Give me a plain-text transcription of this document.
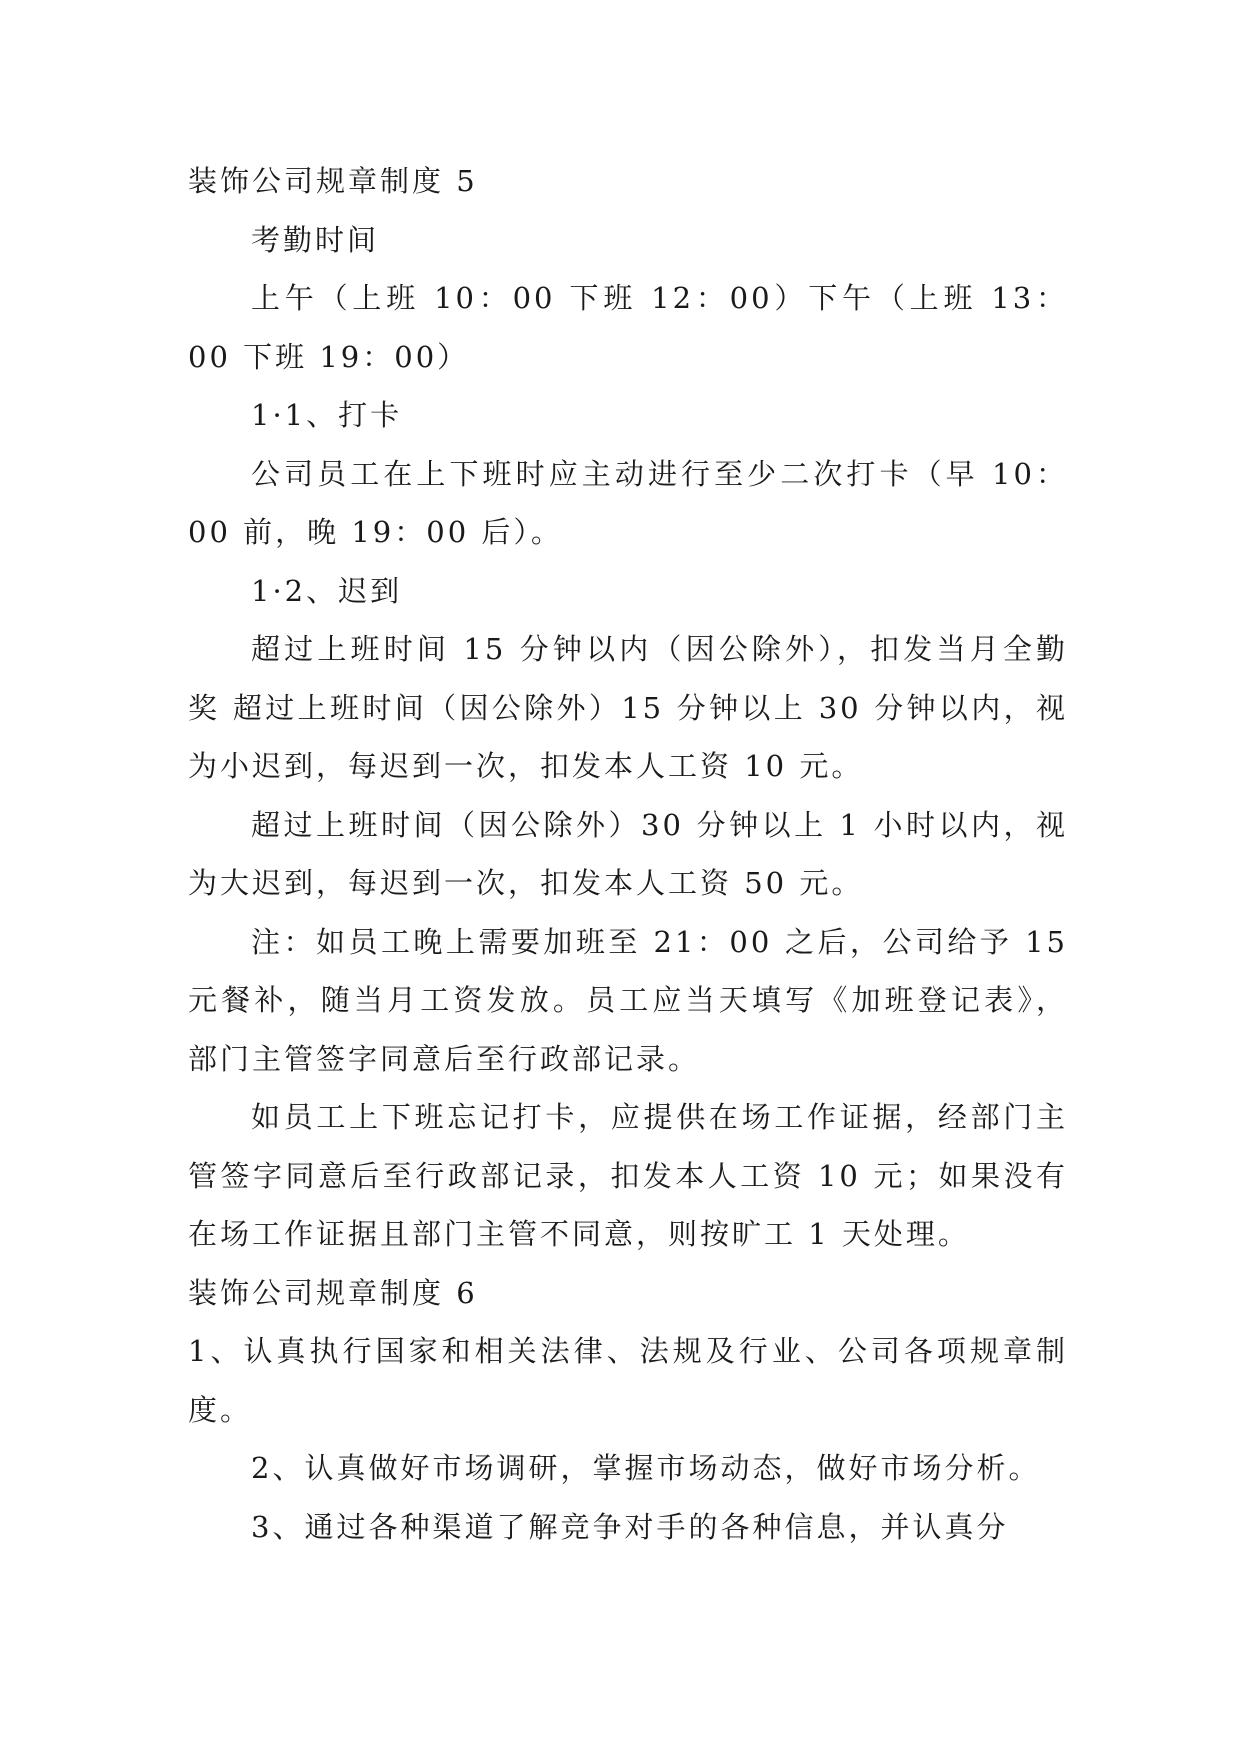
装饰公司规章制度 5

考勤时间

上午（上班 10：00 下班 12：00）下午（上班 13：00 下班 19：00）

1·1、打卡

公司员工在上下班时应主动进行至少二次打卡（早 10：00 前，晚 19：00 后）。

1·2、迟到

超过上班时间 15 分钟以内（因公除外），扣发当月全勤奖 超过上班时间（因公除外）15 分钟以上 30 分钟以内，视为小迟到，每迟到一次，扣发本人工资 10 元。

超过上班时间（因公除外）30 分钟以上 1 小时以内，视为大迟到，每迟到一次，扣发本人工资 50 元。

注：如员工晚上需要加班至 21：00 之后，公司给予 15 元餐补，随当月工资发放。员工应当天填写《加班登记表》，部门主管签字同意后至行政部记录。

如员工上下班忘记打卡，应提供在场工作证据，经部门主管签字同意后至行政部记录，扣发本人工资 10 元；如果没有在场工作证据且部门主管不同意，则按旷工 1 天处理。

装饰公司规章制度 6

1、认真执行国家和相关法律、法规及行业、公司各项规章制度。

2、认真做好市场调研，掌握市场动态，做好市场分析。

3、通过各种渠道了解竞争对手的各种信息，并认真分
